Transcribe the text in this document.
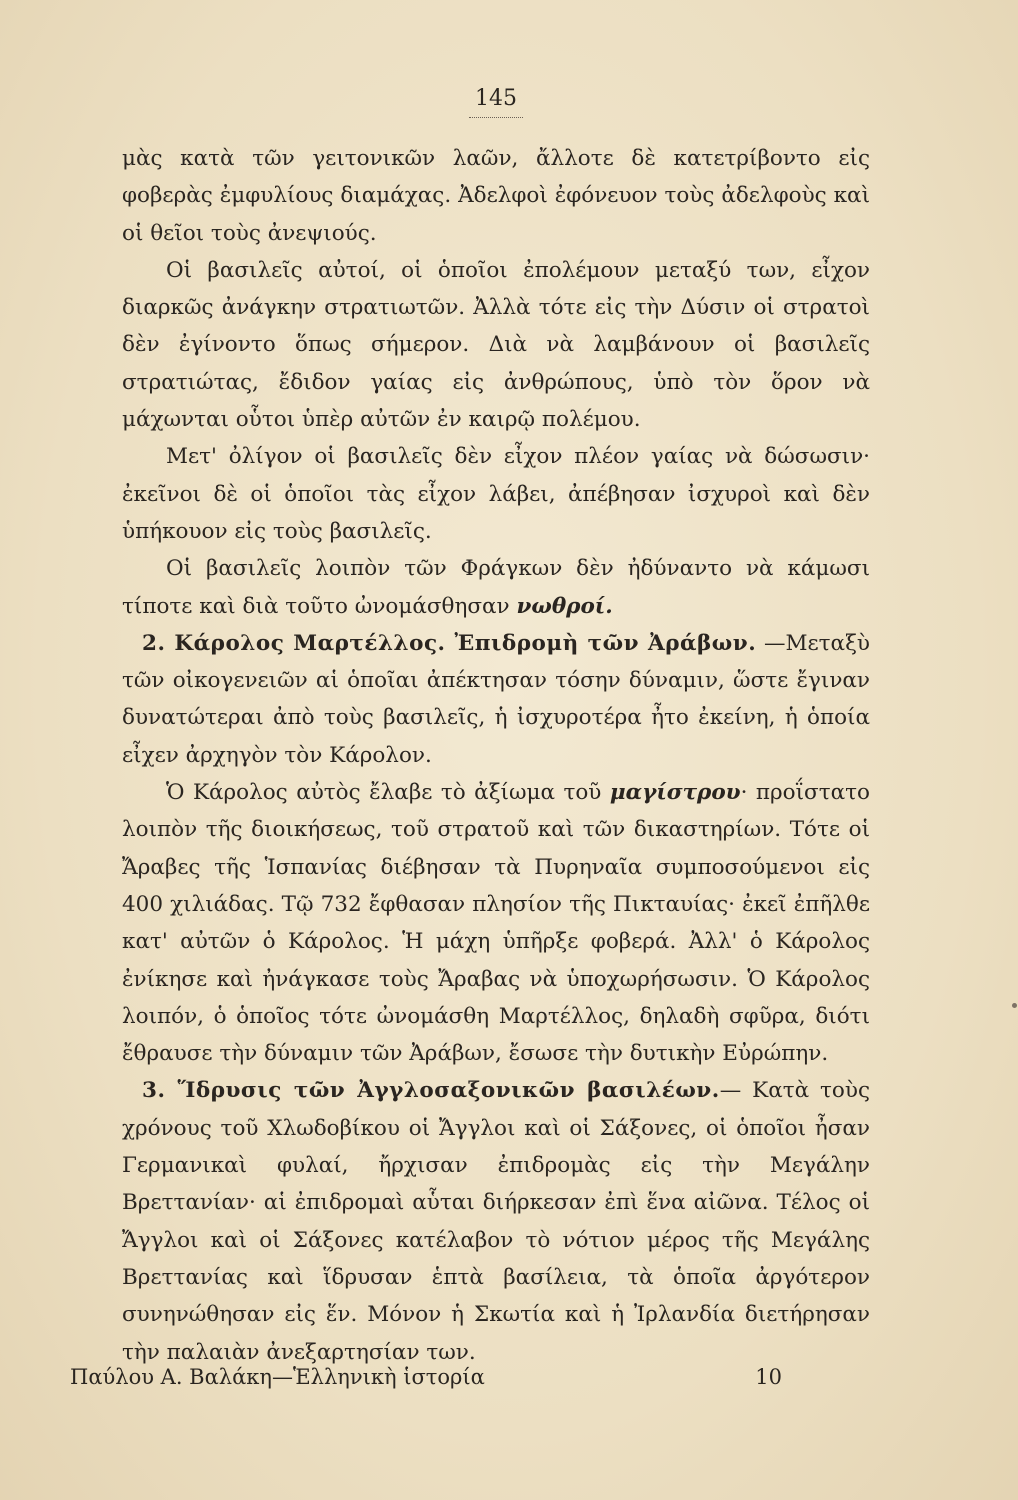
145

μὰς κατὰ τῶν γειτονικῶν λαῶν, ἄλλοτε δὲ κατετρίβοντο εἰς φοβερὰς ἐμφυλίους διαμάχας. Ἀδελφοὶ ἐφόνευον τοὺς ἀδελφοὺς καὶ οἱ θεῖοι τοὺς ἀνεψιούς.

Οἱ βασιλεῖς αὐτοί, οἱ ὁποῖοι ἐπολέμουν μεταξύ των, εἶχον διαρκῶς ἀνάγκην στρατιωτῶν. Ἀλλὰ τότε εἰς τὴν Δύσιν οἱ στρατοὶ δὲν ἐγίνοντο ὅπως σήμερον. Διὰ νὰ λαμβάνουν οἱ βασιλεῖς στρατιώτας, ἔδιδον γαίας εἰς ἀνθρώπους, ὑπὸ τὸν ὅρον νὰ μάχωνται οὗτοι ὑπὲρ αὐτῶν ἐν καιρῷ πολέμου.

Μετ' ὀλίγον οἱ βασιλεῖς δὲν εἶχον πλέον γαίας νὰ δώσωσιν· ἐκεῖνοι δὲ οἱ ὁποῖοι τὰς εἶχον λάβει, ἀπέβησαν ἰσχυροὶ καὶ δὲν ὑπήκουον εἰς τοὺς βασιλεῖς.

Οἱ βασιλεῖς λοιπὸν τῶν Φράγκων δὲν ἠδύναντο νὰ κάμωσι τίποτε καὶ διὰ τοῦτο ὠνομάσθησαν νωθροί.

2. Κάρολος Μαρτέλλος. Ἐπιδρομὴ τῶν Ἀράβων. —Μεταξὺ τῶν οἰκογενειῶν αἱ ὁποῖαι ἀπέκτησαν τόσην δύναμιν, ὥστε ἔγιναν δυνατώτεραι ἀπὸ τοὺς βασιλεῖς, ἡ ἰσχυροτέρα ἦτο ἐκείνη, ἡ ὁποία εἶχεν ἀρχηγὸν τὸν Κάρολον.

Ὁ Κάρολος αὐτὸς ἔλαβε τὸ ἀξίωμα τοῦ μαγίστρου· προΐστατο λοιπὸν τῆς διοικήσεως, τοῦ στρατοῦ καὶ τῶν δικαστηρίων. Τότε οἱ Ἄραβες τῆς Ἱσπανίας διέβησαν τὰ Πυρηναῖα συμποσούμενοι εἰς 400 χιλιάδας. Τῷ 732 ἔφθασαν πλησίον τῆς Πικταυίας· ἐκεῖ ἐπῆλθε κατ' αὐτῶν ὁ Κάρολος. Ἡ μάχη ὑπῆρξε φοβερά. Ἀλλ' ὁ Κάρολος ἐνίκησε καὶ ἠνάγκασε τοὺς Ἄραβας νὰ ὑποχωρήσωσιν. Ὁ Κάρολος λοιπόν, ὁ ὁποῖος τότε ὠνομάσθη Μαρτέλλος, δηλαδὴ σφῦρα, διότι ἔθραυσε τὴν δύναμιν τῶν Ἀράβων, ἔσωσε τὴν δυτικὴν Εὐρώπην.

3. Ἵδρυσις τῶν Ἀγγλοσαξονικῶν βασιλέων.— Κατὰ τοὺς χρόνους τοῦ Χλωδοβίκου οἱ Ἄγγλοι καὶ οἱ Σάξονες, οἱ ὁποῖοι ἦσαν Γερμανικαὶ φυλαί, ἤρχισαν ἐπιδρομὰς εἰς τὴν Μεγάλην Βρεττανίαν· αἱ ἐπιδρομαὶ αὗται διήρκεσαν ἐπὶ ἕνα αἰῶνα. Τέλος οἱ Ἄγγλοι καὶ οἱ Σάξονες κατέλαβον τὸ νότιον μέρος τῆς Μεγάλης Βρεττανίας καὶ ἵδρυσαν ἑπτὰ βασίλεια, τὰ ὁποῖα ἀργότερον συνηνώθησαν εἰς ἕν. Μόνον ἡ Σκωτία καὶ ἡ Ἰρλανδία διετήρησαν τὴν παλαιὰν ἀνεξαρτησίαν των.

Παύλου Α. Βαλάκη—Ἑλληνικὴ ἱστορία	10
